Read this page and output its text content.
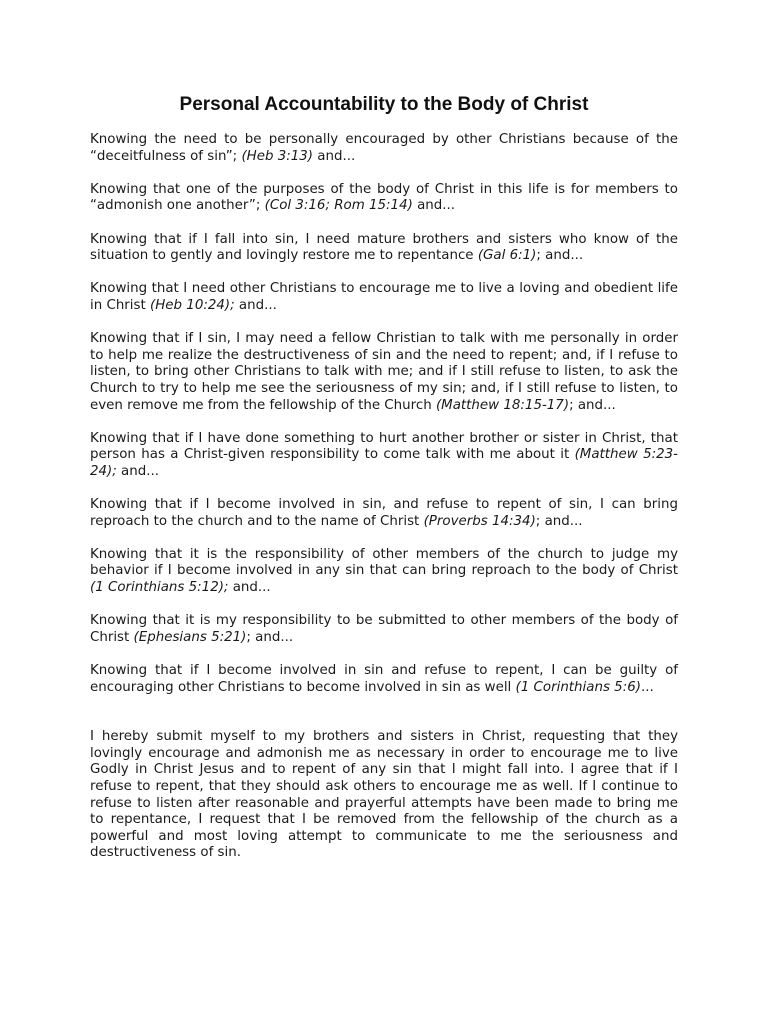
Personal Accountability to the Body of Christ

Knowing the need to be personally encouraged by other Christians because of the “deceitfulness of sin”; (Heb 3:13) and...

Knowing that one of the purposes of the body of Christ in this life is for members to “admonish one another”; (Col 3:16; Rom 15:14) and...

Knowing that if I fall into sin, I need mature brothers and sisters who know of the situation to gently and lovingly restore me to repentance (Gal 6:1); and...

Knowing that I need other Christians to encourage me to live a loving and obedient life in Christ (Heb 10:24); and...

Knowing that if I sin, I may need a fellow Christian to talk with me personally in order to help me realize the destructiveness of sin and the need to repent; and, if I refuse to listen, to bring other Christians to talk with me; and if I still refuse to listen, to ask the Church to try to help me see the seriousness of my sin; and, if I still refuse to listen, to even remove me from the fellowship of the Church (Matthew 18:15-17); and...

Knowing that if I have done something to hurt another brother or sister in Christ, that person has a Christ-given responsibility to come talk with me about it (Matthew 5:23-24); and...

Knowing that if I become involved in sin, and refuse to repent of sin, I can bring reproach to the church and to the name of Christ (Proverbs 14:34); and...

Knowing that it is the responsibility of other members of the church to judge my behavior if I become involved in any sin that can bring reproach to the body of Christ (1 Corinthians 5:12); and...

Knowing that it is my responsibility to be submitted to other members of the body of Christ (Ephesians 5:21); and...

Knowing that if I become involved in sin and refuse to repent, I can be guilty of encouraging other Christians to become involved in sin as well (1 Corinthians 5:6)...

I hereby submit myself to my brothers and sisters in Christ, requesting that they lovingly encourage and admonish me as necessary in order to encourage me to live Godly in Christ Jesus and to repent of any sin that I might fall into. I agree that if I refuse to repent, that they should ask others to encourage me as well. If I continue to refuse to listen after reasonable and prayerful attempts have been made to bring me to repentance, I request that I be removed from the fellowship of the church as a powerful and most loving attempt to communicate to me the seriousness and destructiveness of sin.
